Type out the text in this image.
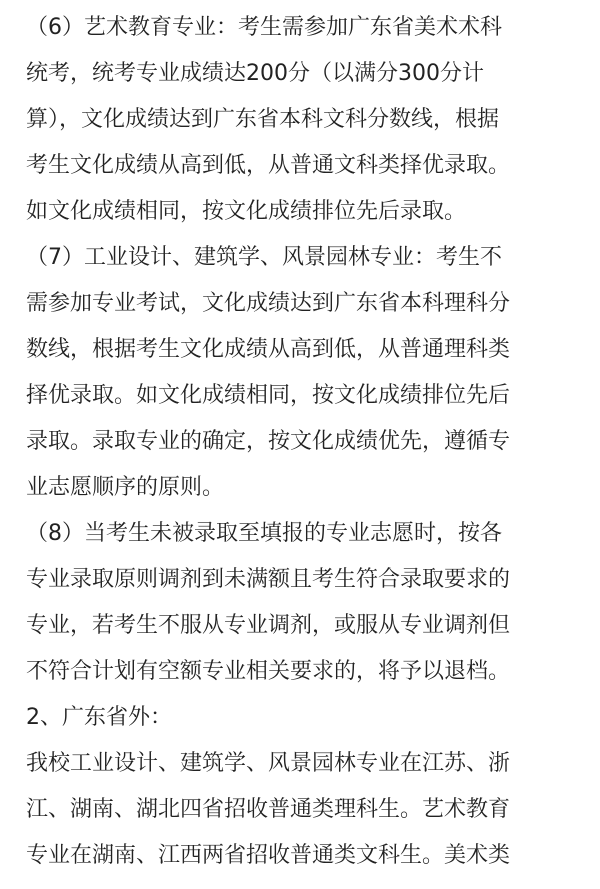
（6）艺术教育专业：考生需参加广东省美术术科
统考，统考专业成绩达200分（以满分300分计
算），文化成绩达到广东省本科文科分数线，根据
考生文化成绩从高到低，从普通文科类择优录取。
如文化成绩相同，按文化成绩排位先后录取。
（7）工业设计、建筑学、风景园林专业：考生不
需参加专业考试，文化成绩达到广东省本科理科分
数线，根据考生文化成绩从高到低，从普通理科类
择优录取。如文化成绩相同，按文化成绩排位先后
录取。录取专业的确定，按文化成绩优先，遵循专
业志愿顺序的原则。
（8）当考生未被录取至填报的专业志愿时，按各
专业录取原则调剂到未满额且考生符合录取要求的
专业，若考生不服从专业调剂，或服从专业调剂但
不符合计划有空额专业相关要求的，将予以退档。
2、广东省外：
我校工业设计、建筑学、风景园林专业在江苏、浙
江、湖南、湖北四省招收普通类理科生。艺术教育
专业在湖南、江西两省招收普通类文科生。美术类
